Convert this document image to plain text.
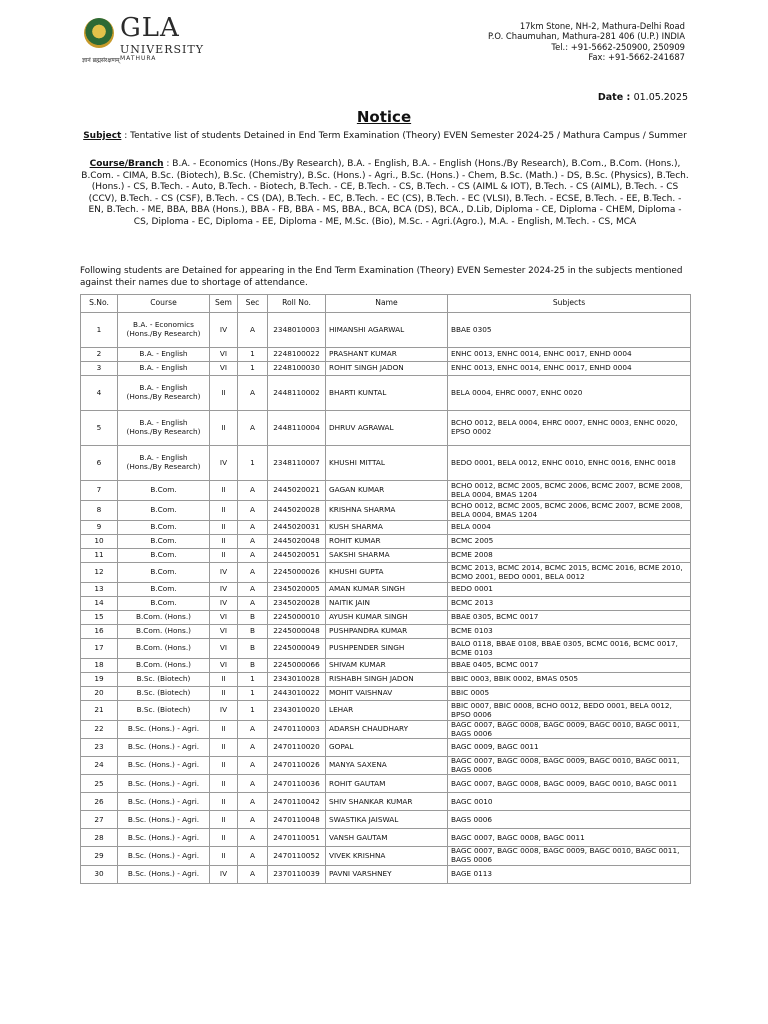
GLA
UNIVERSITY
MATHURA
ज्ञानं ब्रह्मसंरक्षणम्
17km Stone, NH-2, Mathura-Delhi Road
P.O. Chaumuhan, Mathura-281 406 (U.P.) INDIA
Tel.: +91-5662-250900, 250909
Fax: +91-5662-241687
Date : 01.05.2025
Notice
Subject : Tentative list of students Detained in End Term Examination (Theory) EVEN Semester 2024-25 / Mathura Campus / Summer
Course/Branch : B.A. - Economics (Hons./By Research), B.A. - English, B.A. - English (Hons./By Research), B.Com., B.Com. (Hons.), B.Com. - CIMA, B.Sc. (Biotech), B.Sc. (Chemistry), B.Sc. (Hons.) - Agri., B.Sc. (Hons.) - Chem, B.Sc. (Math.) - DS, B.Sc. (Physics), B.Tech. (Hons.) - CS, B.Tech. - Auto, B.Tech. - Biotech, B.Tech. - CE, B.Tech. - CS, B.Tech. - CS (AIML & IOT), B.Tech. - CS (AIML), B.Tech. - CS (CCV), B.Tech. - CS (CSF), B.Tech. - CS (DA), B.Tech. - EC, B.Tech. - EC (CS), B.Tech. - EC (VLSI), B.Tech. - ECSE, B.Tech. - EE, B.Tech. - EN, B.Tech. - ME, BBA, BBA (Hons.), BBA - FB, BBA - MS, BBA., BCA, BCA (DS), BCA., D.Lib, Diploma - CE, Diploma - CHEM, Diploma - CS, Diploma - EC, Diploma - EE, Diploma - ME, M.Sc. (Bio), M.Sc. - Agri.(Agro.), M.A. - English, M.Tech. - CS, MCA
Following students are Detained for appearing in the End Term Examination (Theory) EVEN Semester 2024-25 in the subjects mentioned against their names due to shortage of attendance.
S.No.	Course	Sem	Sec	Roll No.	Name	Subjects
1	B.A. - Economics (Hons./By Research)	IV	A	2348010003	HIMANSHI AGARWAL	BBAE 0305
2	B.A. - English	VI	1	2248100022	PRASHANT KUMAR	ENHC 0013, ENHC 0014, ENHC 0017, ENHD 0004
3	B.A. - English	VI	1	2248100030	ROHIT SINGH JADON	ENHC 0013, ENHC 0014, ENHC 0017, ENHD 0004
4	B.A. - English (Hons./By Research)	II	A	2448110002	BHARTI KUNTAL	BELA 0004, EHRC 0007, ENHC 0020
5	B.A. - English (Hons./By Research)	II	A	2448110004	DHRUV AGRAWAL	BCHO 0012, BELA 0004, EHRC 0007, ENHC 0003, ENHC 0020, EPSO 0002
6	B.A. - English (Hons./By Research)	IV	1	2348110007	KHUSHI MITTAL	BEDO 0001, BELA 0012, ENHC 0010, ENHC 0016, ENHC 0018
7	B.Com.	II	A	2445020021	GAGAN KUMAR	BCHO 0012, BCMC 2005, BCMC 2006, BCMC 2007, BCME 2008, BELA 0004, BMAS 1204
8	B.Com.	II	A	2445020028	KRISHNA SHARMA	BCHO 0012, BCMC 2005, BCMC 2006, BCMC 2007, BCME 2008, BELA 0004, BMAS 1204
9	B.Com.	II	A	2445020031	KUSH SHARMA	BELA 0004
10	B.Com.	II	A	2445020048	ROHIT KUMAR	BCMC 2005
11	B.Com.	II	A	2445020051	SAKSHI SHARMA	BCME 2008
12	B.Com.	IV	A	2245000026	KHUSHI GUPTA	BCMC 2013, BCMC 2014, BCMC 2015, BCMC 2016, BCME 2010, BCMO 2001, BEDO 0001, BELA 0012
13	B.Com.	IV	A	2345020005	AMAN KUMAR SINGH	BEDO 0001
14	B.Com.	IV	A	2345020028	NAITIK JAIN	BCMC 2013
15	B.Com. (Hons.)	VI	B	2245000010	AYUSH KUMAR SINGH	BBAE 0305, BCMC 0017
16	B.Com. (Hons.)	VI	B	2245000048	PUSHPANDRA KUMAR	BCME 0103
17	B.Com. (Hons.)	VI	B	2245000049	PUSHPENDER SINGH	BALO 0118, BBAE 0108, BBAE 0305, BCMC 0016, BCMC 0017, BCME 0103
18	B.Com. (Hons.)	VI	B	2245000066	SHIVAM KUMAR	BBAE 0405, BCMC 0017
19	B.Sc. (Biotech)	II	1	2343010028	RISHABH SINGH JADON	BBIC 0003, BBIK 0002, BMAS 0505
20	B.Sc. (Biotech)	II	1	2443010022	MOHIT VAISHNAV	BBIC 0005
21	B.Sc. (Biotech)	IV	1	2343010020	LEHAR	BBIC 0007, BBIC 0008, BCHO 0012, BEDO 0001, BELA 0012, BPSO 0006
22	B.Sc. (Hons.) - Agri.	II	A	2470110003	ADARSH CHAUDHARY	BAGC 0007, BAGC 0008, BAGC 0009, BAGC 0010, BAGC 0011, BAGS 0006
23	B.Sc. (Hons.) - Agri.	II	A	2470110020	GOPAL	BAGC 0009, BAGC 0011
24	B.Sc. (Hons.) - Agri.	II	A	2470110026	MANYA SAXENA	BAGC 0007, BAGC 0008, BAGC 0009, BAGC 0010, BAGC 0011, BAGS 0006
25	B.Sc. (Hons.) - Agri.	II	A	2470110036	ROHIT GAUTAM	BAGC 0007, BAGC 0008, BAGC 0009, BAGC 0010, BAGC 0011
26	B.Sc. (Hons.) - Agri.	II	A	2470110042	SHIV SHANKAR KUMAR	BAGC 0010
27	B.Sc. (Hons.) - Agri.	II	A	2470110048	SWASTIKA JAISWAL	BAGS 0006
28	B.Sc. (Hons.) - Agri.	II	A	2470110051	VANSH GAUTAM	BAGC 0007, BAGC 0008, BAGC 0011
29	B.Sc. (Hons.) - Agri.	II	A	2470110052	VIVEK KRISHNA	BAGC 0007, BAGC 0008, BAGC 0009, BAGC 0010, BAGC 0011, BAGS 0006
30	B.Sc. (Hons.) - Agri.	IV	A	2370110039	PAVNI VARSHNEY	BAGE 0113
